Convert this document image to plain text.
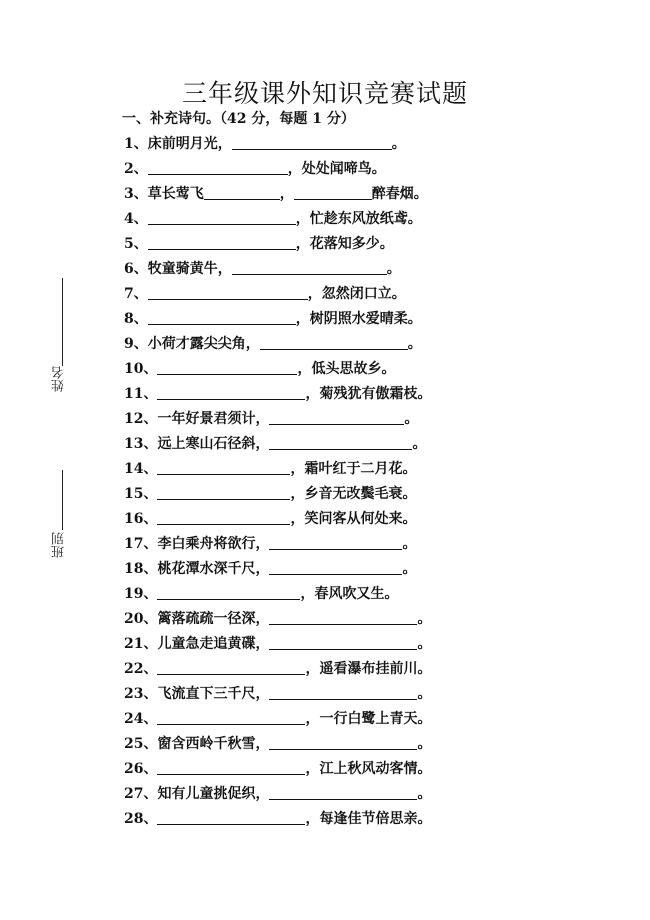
三年级课外知识竞赛试题
一、补充诗句。（42 分，每题 1 分）
姓名
班别
1、床前明月光，	。
2、	，处处闻啼鸟。
3、草长莺飞	，	醉春烟。
4、	，忙趁东风放纸鸢。
5、	，花落知多少。
6、牧童骑黄牛，	。
7、	，忽然闭口立。
8、	，树阴照水爱晴柔。
9、小荷才露尖尖角，	。
10、	，低头思故乡。
11、	，菊残犹有傲霜枝。
12、一年好景君须计，	。
13、远上寒山石径斜，	。
14、	，霜叶红于二月花。
15、	，乡音无改鬓毛衰。
16、	，笑问客从何处来。
17、李白乘舟将欲行，	。
18、桃花潭水深千尺，	。
19、	，春风吹又生。
20、篱落疏疏一径深，	。
21、儿童急走追黄碟，	。
22、	，遥看瀑布挂前川。
23、飞流直下三千尺，	。
24、	，一行白鹭上青天。
25、窗含西岭千秋雪，	。
26、	，江上秋风动客情。
27、知有儿童挑促织，	。
28、	，每逢佳节倍思亲。
